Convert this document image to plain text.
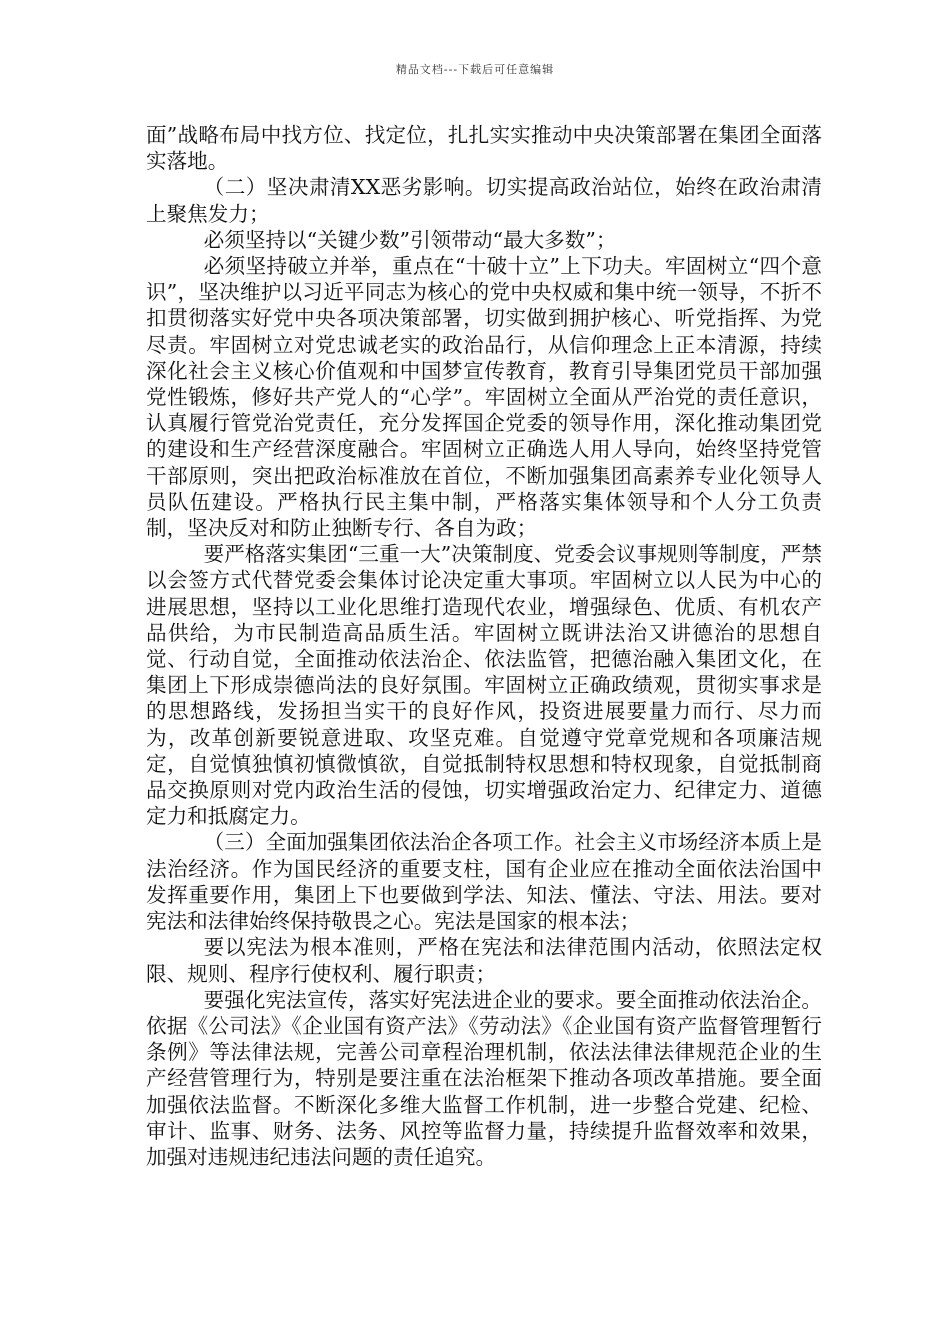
精品文档---下载后可任意编辑

面”战略布局中找方位、找定位，扎扎实实推动中央决策部署在集团全面落实落地。

（二）坚决肃清XX恶劣影响。切实提高政治站位，始终在政治肃清上聚焦发力；

必须坚持以“关键少数”引领带动“最大多数”；

必须坚持破立并举，重点在“十破十立”上下功夫。牢固树立“四个意识”，坚决维护以习近平同志为核心的党中央权威和集中统一领导，不折不扣贯彻落实好党中央各项决策部署，切实做到拥护核心、听党指挥、为党尽责。牢固树立对党忠诚老实的政治品行，从信仰理念上正本清源，持续深化社会主义核心价值观和中国梦宣传教育，教育引导集团党员干部加强党性锻炼，修好共产党人的“心学”。牢固树立全面从严治党的责任意识，认真履行管党治党责任，充分发挥国企党委的领导作用，深化推动集团党的建设和生产经营深度融合。牢固树立正确选人用人导向，始终坚持党管干部原则，突出把政治标准放在首位，不断加强集团高素养专业化领导人员队伍建设。严格执行民主集中制，严格落实集体领导和个人分工负责制，坚决反对和防止独断专行、各自为政；

要严格落实集团“三重一大”决策制度、党委会议事规则等制度，严禁以会签方式代替党委会集体讨论决定重大事项。牢固树立以人民为中心的进展思想，坚持以工业化思维打造现代农业，增强绿色、优质、有机农产品供给，为市民制造高品质生活。牢固树立既讲法治又讲德治的思想自觉、行动自觉，全面推动依法治企、依法监管，把德治融入集团文化，在集团上下形成崇德尚法的良好氛围。牢固树立正确政绩观，贯彻实事求是的思想路线，发扬担当实干的良好作风，投资进展要量力而行、尽力而为，改革创新要锐意进取、攻坚克难。自觉遵守党章党规和各项廉洁规定，自觉慎独慎初慎微慎欲，自觉抵制特权思想和特权现象，自觉抵制商品交换原则对党内政治生活的侵蚀，切实增强政治定力、纪律定力、道德定力和抵腐定力。

（三）全面加强集团依法治企各项工作。社会主义市场经济本质上是法治经济。作为国民经济的重要支柱，国有企业应在推动全面依法治国中发挥重要作用，集团上下也要做到学法、知法、懂法、守法、用法。要对宪法和法律始终保持敬畏之心。宪法是国家的根本法；

要以宪法为根本准则，严格在宪法和法律范围内活动，依照法定权限、规则、程序行使权利、履行职责；

要强化宪法宣传，落实好宪法进企业的要求。要全面推动依法治企。依据《公司法》《企业国有资产法》《劳动法》《企业国有资产监督管理暂行条例》等法律法规，完善公司章程治理机制，依法法律法律规范企业的生产经营管理行为，特别是要注重在法治框架下推动各项改革措施。要全面加强依法监督。不断深化多维大监督工作机制，进一步整合党建、纪检、审计、监事、财务、法务、风控等监督力量，持续提升监督效率和效果，加强对违规违纪违法问题的责任追究。
